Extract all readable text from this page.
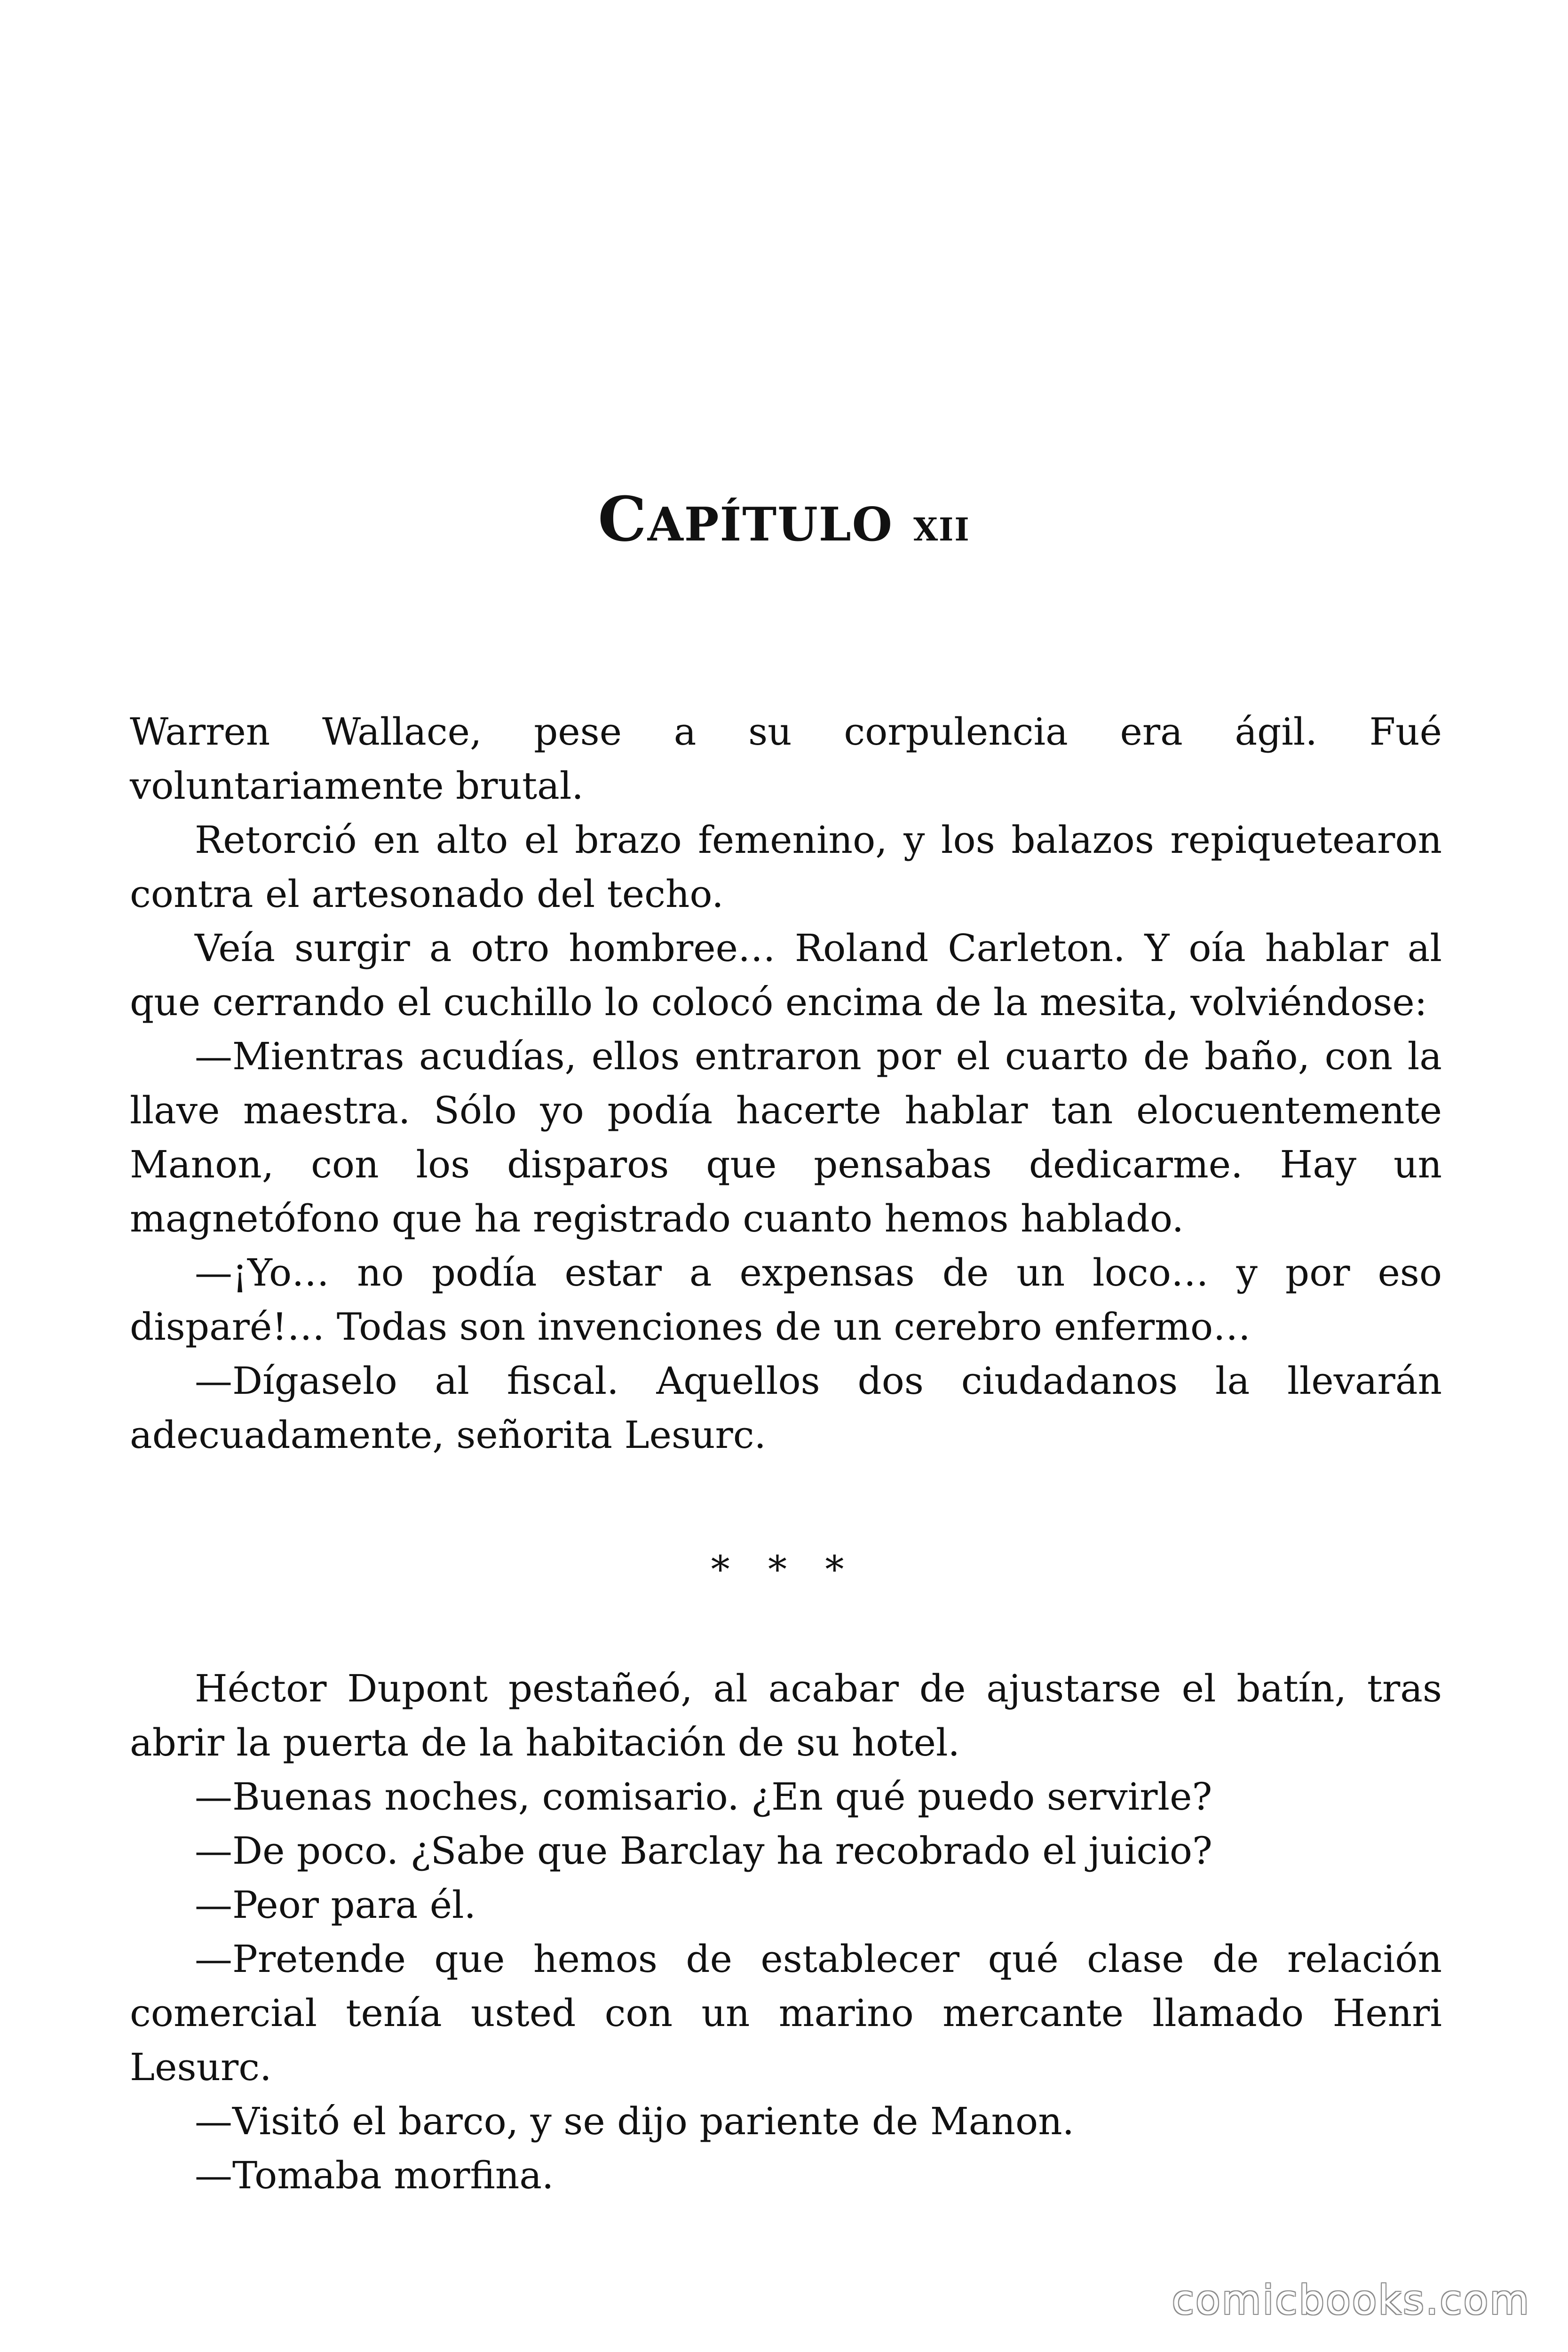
CAPÍTULO xii

Warren Wallace, pese a su corpulencia era ágil. Fué voluntariamente brutal.

Retorció en alto el brazo femenino, y los balazos repiquetearon contra el artesonado del techo.

Veía surgir a otro hombree… Roland Carleton. Y oía hablar al que cerrando el cuchillo lo colocó encima de la mesita, volviéndose:

—Mientras acudías, ellos entraron por el cuarto de baño, con la llave maestra. Sólo yo podía hacerte hablar tan elocuentemente Manon, con los disparos que pensabas dedicarme. Hay un magnetófono que ha registrado cuanto hemos hablado.

—¡Yo… no podía estar a expensas de un loco… y por eso disparé!… Todas son invenciones de un cerebro enfermo…

—Dígaselo al fiscal. Aquellos dos ciudadanos la llevarán adecuadamente, señorita Lesurc.

* * *

Héctor Dupont pestañeó, al acabar de ajustarse el batín, tras abrir la puerta de la habitación de su hotel.

—Buenas noches, comisario. ¿En qué puedo servirle?

—De poco. ¿Sabe que Barclay ha recobrado el juicio?

—Peor para él.

—Pretende que hemos de establecer qué clase de relación comercial tenía usted con un marino mercante llamado Henri Lesurc.

—Visitó el barco, y se dijo pariente de Manon.

—Tomaba morfina.

comicbooks.com
